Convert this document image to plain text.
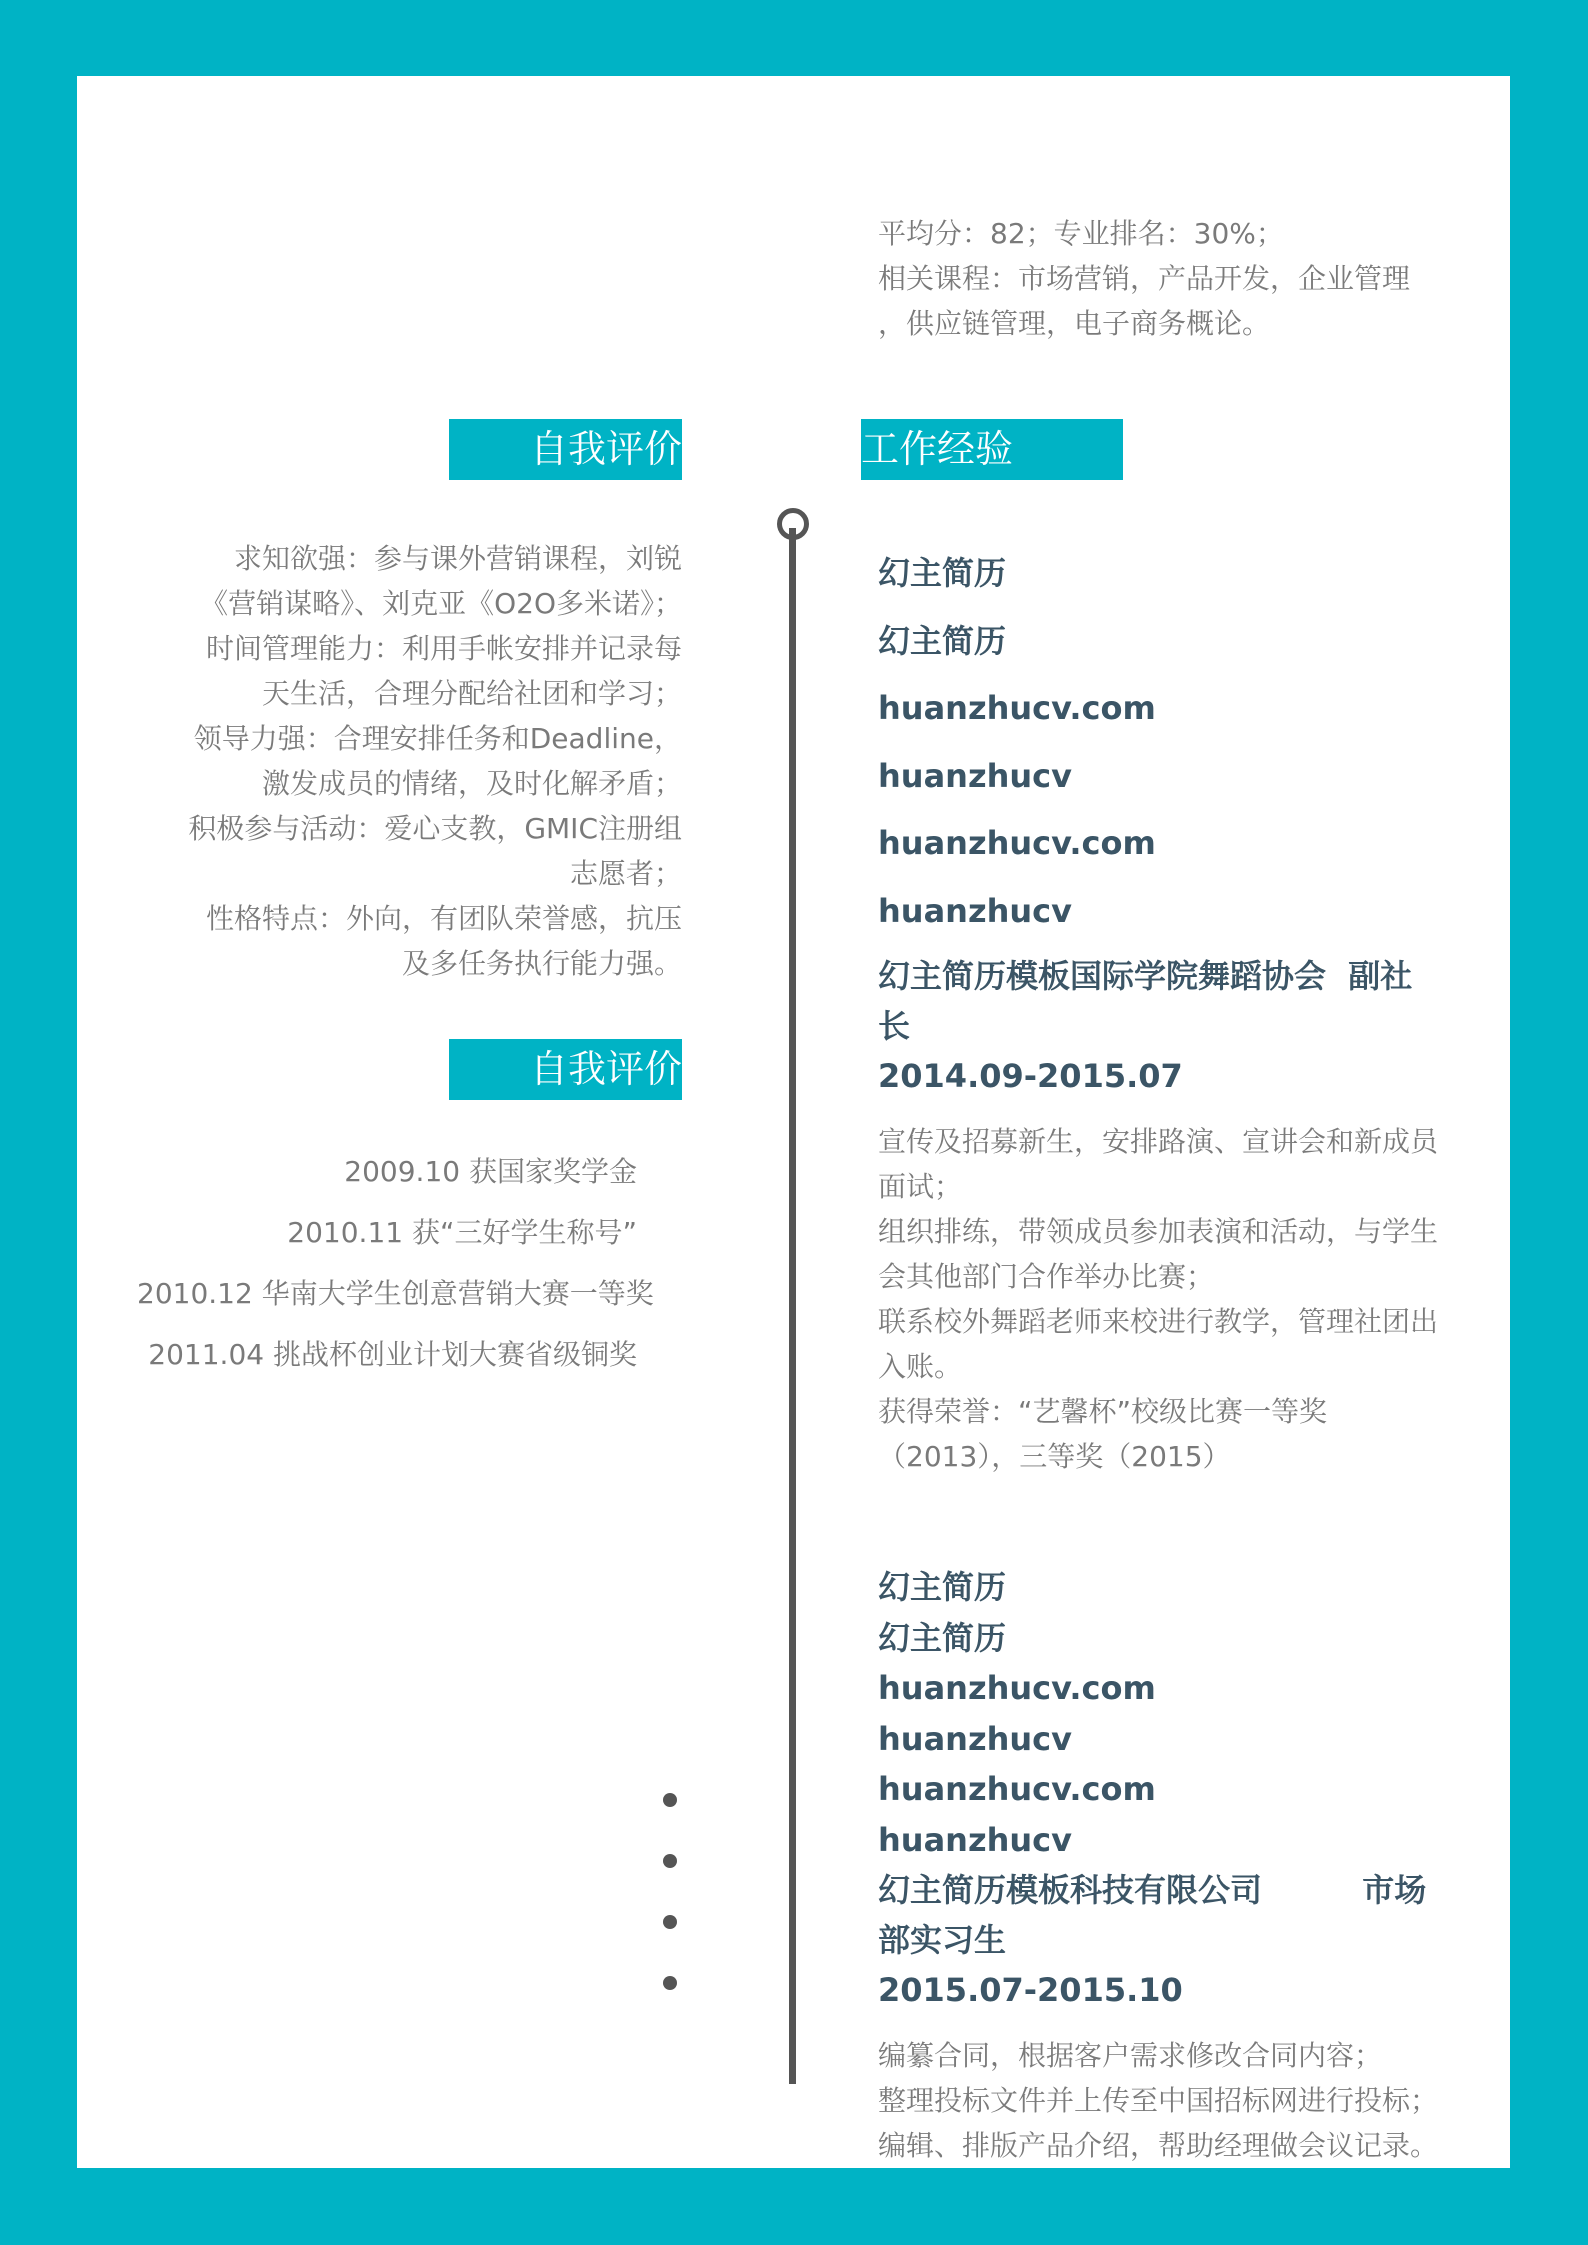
平均分：82；专业排名：30%；
相关课程：市场营销，产品开发，企业管理
，供应链管理，电子商务概论。
自我评价	工作经验
自我评价
求知欲强：参与课外营销课程，刘锐《营销谋略》、刘克亚《O2O多米诺》；
时间管理能力：利用手帐安排并记录每天生活，合理分配给社团和学习；
领导力强：合理安排任务和Deadline，激发成员的情绪，及时化解矛盾；
积极参与活动：爱心支教，GMIC注册组志愿者；
性格特点：外向，有团队荣誉感，抗压及多任务执行能力强。
2009.10 获国家奖学金
2010.11 获“三好学生称号”
2010.12 华南大学生创意营销大赛一等奖
2011.04 挑战杯创业计划大赛省级铜奖
幻主简历
幻主简历
huanzhucv.com
huanzhucv
huanzhucv.com
huanzhucv
幻主简历模板国际学院舞蹈协会 副社长
2014.09-2015.07
宣传及招募新生，安排路演、宣讲会和新成员面试；
组织排练，带领成员参加表演和活动，与学生会其他部门合作举办比赛；
联系校外舞蹈老师来校进行教学，管理社团出入账。
获得荣誉：“艺馨杯”校级比赛一等奖（2013），三等奖（2015）
幻主简历
幻主简历
huanzhucv.com
huanzhucv
huanzhucv.com
huanzhucv
幻主简历模板科技有限公司	市场部实习生
2015.07-2015.10
编纂合同，根据客户需求修改合同内容；
整理投标文件并上传至中国招标网进行投标；
编辑、排版产品介绍，帮助经理做会议记录。
